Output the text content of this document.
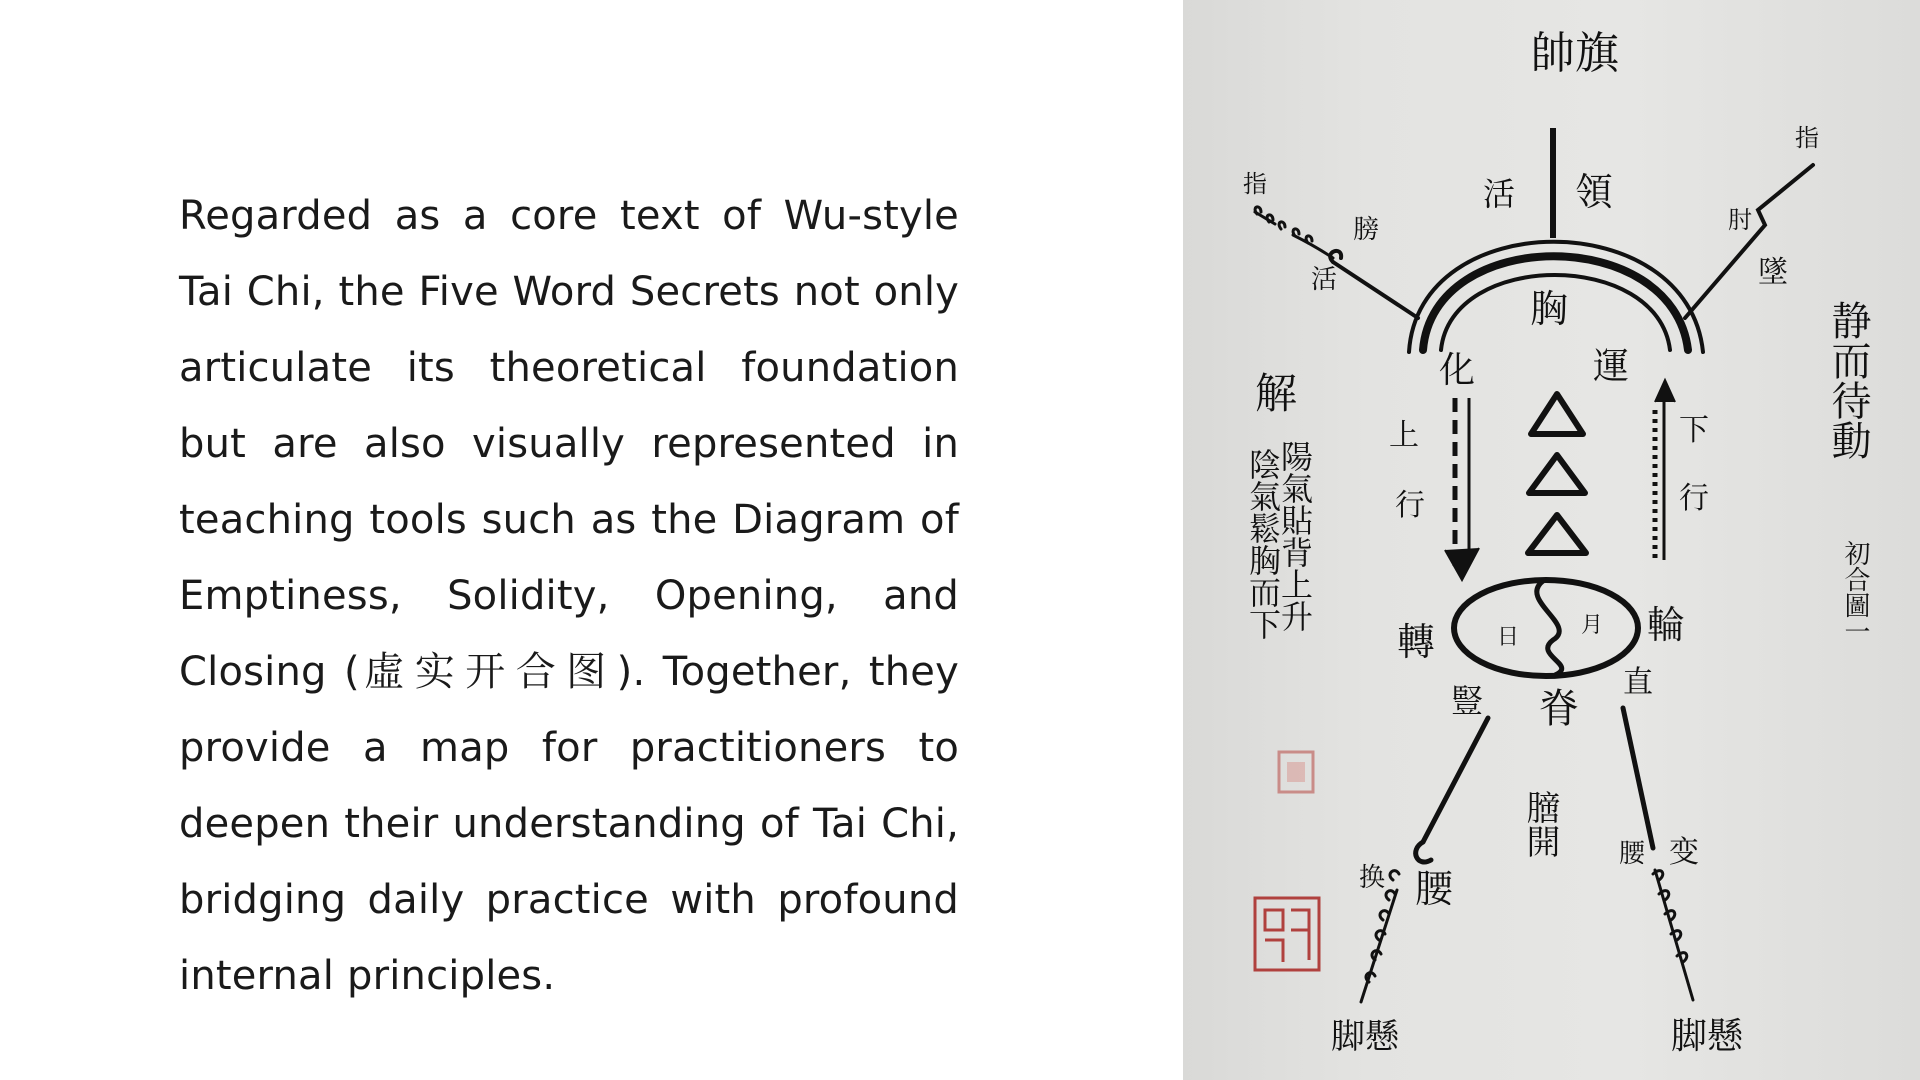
Regarded as a core text of Wu-style Tai Chi, the Five Word Secrets not only articulate its theoretical foundation but are also visually represented in teaching tools such as the Diagram of Emptiness, Solidity, Opening, and Closing (虛实开合图). Together, they provide a map for practitioners to deepen their understanding of Tai Chi, bridging daily practice with profound internal principles.

帥旗
活 領
指
膀
活
指
肘
墜
胸
化	運
上
行
下
行
轉	輪
日	月
豎	直
脊
膪開
换 腰
腰 变
脚懸	脚懸
解
陽氣貼背上升
陰氣鬆胸而下
静而待動
初合圖一
